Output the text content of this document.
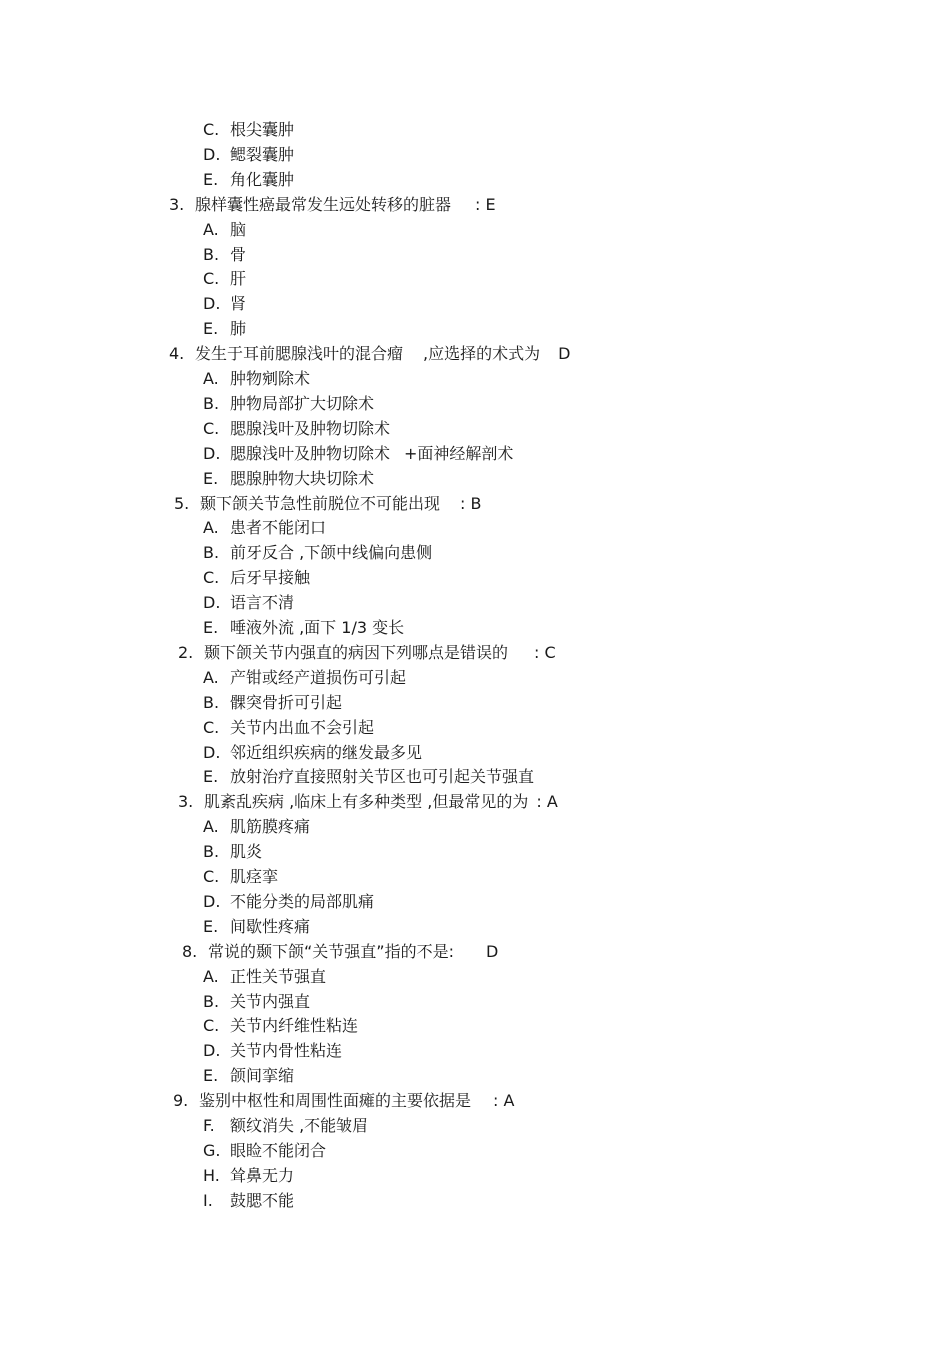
C. 根尖囊肿
D. 鳃裂囊肿
E. 角化囊肿
3. 腺样囊性癌最常发生远处转移的脏器 : E
A. 脑
B. 骨
C. 肝
D. 肾
E. 肺
4. 发生于耳前腮腺浅叶的混合瘤 ,应选择的术式为 D
A. 肿物剜除术
B. 肿物局部扩大切除术
C. 腮腺浅叶及肿物切除术
D. 腮腺浅叶及肿物切除术 +面神经解剖术
E. 腮腺肿物大块切除术
5. 颞下颌关节急性前脱位不可能出现 : B
A. 患者不能闭口
B. 前牙反合 ,下颌中线偏向患侧
C. 后牙早接触
D. 语言不清
E. 唾液外流 ,面下 1/3 变长
2. 颞下颌关节内强直的病因下列哪点是错误的 : C
A. 产钳或经产道损伤可引起
B. 髁突骨折可引起
C. 关节内出血不会引起
D. 邻近组织疾病的继发最多见
E. 放射治疗直接照射关节区也可引起关节强直
3. 肌紊乱疾病 ,临床上有多种类型 ,但最常见的为 : A
A. 肌筋膜疼痛
B. 肌炎
C. 肌痉挛
D. 不能分类的局部肌痛
E. 间歇性疼痛
8. 常说的颞下颌“关节强直”指的不是: D
A. 正性关节强直
B. 关节内强直
C. 关节内纤维性粘连
D. 关节内骨性粘连
E. 颌间挛缩
9. 鉴别中枢性和周围性面瘫的主要依据是 : A
F. 额纹消失 ,不能皱眉
G. 眼睑不能闭合
H. 耸鼻无力
I. 鼓腮不能
